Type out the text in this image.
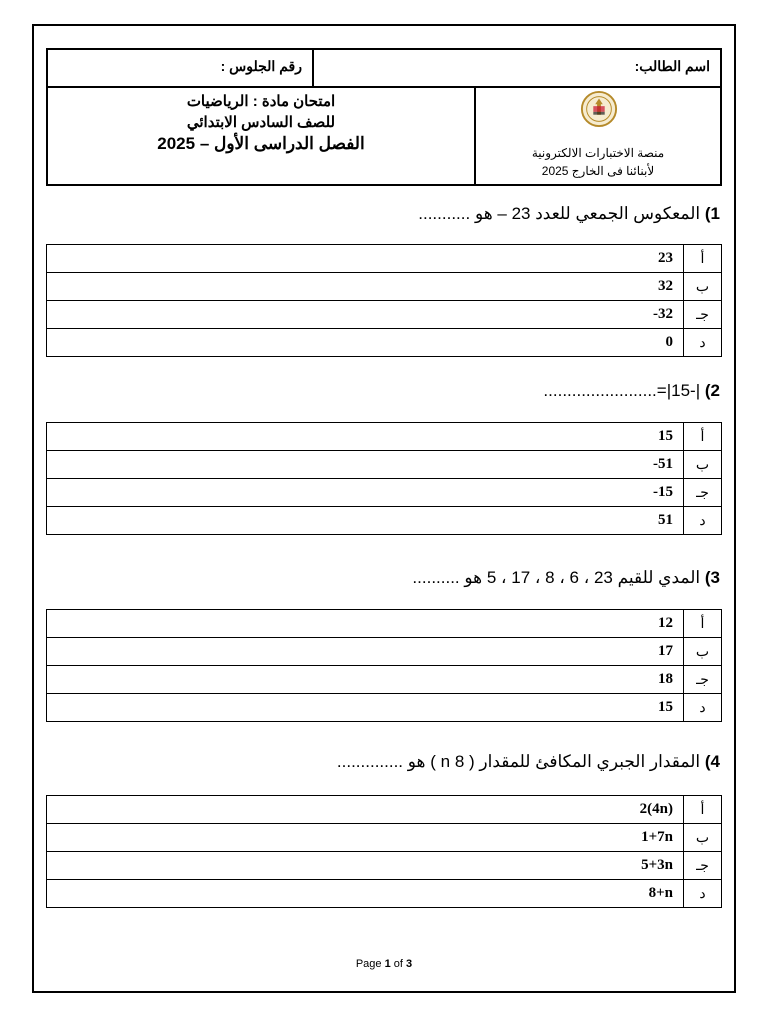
رقم الجلوس :	اسم الطالب:
امتحان مادة : الرياضيات
للصف السادس الابتدائي
الفصل الدراسى الأول – 2025	منصة الاختبارات الالكترونية
لأبنائنا فى الخارج 2025
1) المعكوس الجمعي للعدد 23 – هو ...........
23	أ
32	ب
-32	جـ
0	د
2) |-15|=........................
15	أ
-51	ب
-15	جـ
51	د
3) المدي للقيم 23 ، 6 ، 8 ، 17 ، 5 هو ..........
12	أ
17	ب
18	جـ
15	د
4) المقدار الجبري المكافئ للمقدار ( 8 n ) هو ..............
2(4n)	أ
1+7n	ب
5+3n	جـ
8+n	د
Page 1 of 3
